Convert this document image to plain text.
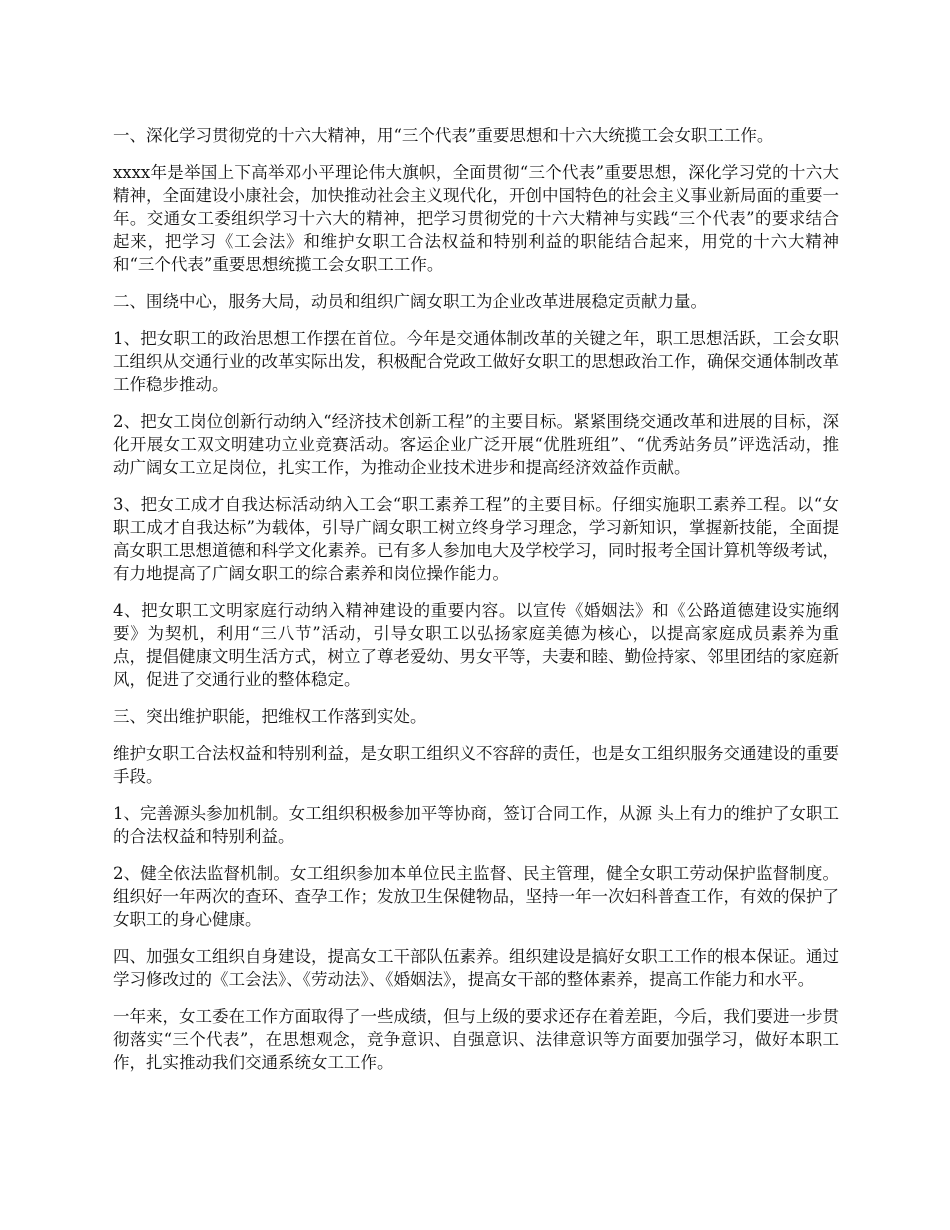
一、深化学习贯彻党的十六大精神，用“三个代表”重要思想和十六大统揽工会女职工工作。

xxxx年是举国上下高举邓小平理论伟大旗帜，全面贯彻“三个代表”重要思想，深化学习党的十六大精神，全面建设小康社会，加快推动社会主义现代化，开创中国特色的社会主义事业新局面的重要一年。交通女工委组织学习十六大的精神，把学习贯彻党的十六大精神与实践“三个代表”的要求结合起来，把学习《工会法》和维护女职工合法权益和特别利益的职能结合起来，用党的十六大精神和“三个代表”重要思想统揽工会女职工工作。

二、围绕中心，服务大局，动员和组织广阔女职工为企业改革进展稳定贡献力量。

1、把女职工的政治思想工作摆在首位。今年是交通体制改革的关键之年，职工思想活跃，工会女职工组织从交通行业的改革实际出发，积极配合党政工做好女职工的思想政治工作，确保交通体制改革工作稳步推动。

2、把女工岗位创新行动纳入“经济技术创新工程”的主要目标。紧紧围绕交通改革和进展的目标，深化开展女工双文明建功立业竞赛活动。客运企业广泛开展“优胜班组”、“优秀站务员”评选活动，推动广阔女工立足岗位，扎实工作，为推动企业技术进步和提高经济效益作贡献。

3、把女工成才自我达标活动纳入工会“职工素养工程”的主要目标。仔细实施职工素养工程。以“女职工成才自我达标”为载体，引导广阔女职工树立终身学习理念，学习新知识，掌握新技能，全面提高女职工思想道德和科学文化素养。已有多人参加电大及学校学习，同时报考全国计算机等级考试，有力地提高了广阔女职工的综合素养和岗位操作能力。

4、把女职工文明家庭行动纳入精神建设的重要内容。以宣传《婚姻法》和《公路道德建设实施纲要》为契机，利用“三八节”活动，引导女职工以弘扬家庭美德为核心，以提高家庭成员素养为重点，提倡健康文明生活方式，树立了尊老爱幼、男女平等，夫妻和睦、勤俭持家、邻里团结的家庭新风，促进了交通行业的整体稳定。

三、突出维护职能，把维权工作落到实处。

维护女职工合法权益和特别利益，是女职工组织义不容辞的责任，也是女工组织服务交通建设的重要手段。

1、完善源头参加机制。女工组织积极参加平等协商，签订合同工作，从源 头上有力的维护了女职工的合法权益和特别利益。

2、健全依法监督机制。女工组织参加本单位民主监督、民主管理，健全女职工劳动保护监督制度。组织好一年两次的查环、查孕工作；发放卫生保健物品，坚持一年一次妇科普查工作，有效的保护了女职工的身心健康。

四、加强女工组织自身建设，提高女工干部队伍素养。组织建设是搞好女职工工作的根本保证。通过学习修改过的《工会法》、《劳动法》、《婚姻法》，提高女干部的整体素养，提高工作能力和水平。

一年来，女工委在工作方面取得了一些成绩，但与上级的要求还存在着差距，今后，我们要进一步贯彻落实“三个代表”，在思想观念，竞争意识、自强意识、法律意识等方面要加强学习，做好本职工作，扎实推动我们交通系统女工工作。
